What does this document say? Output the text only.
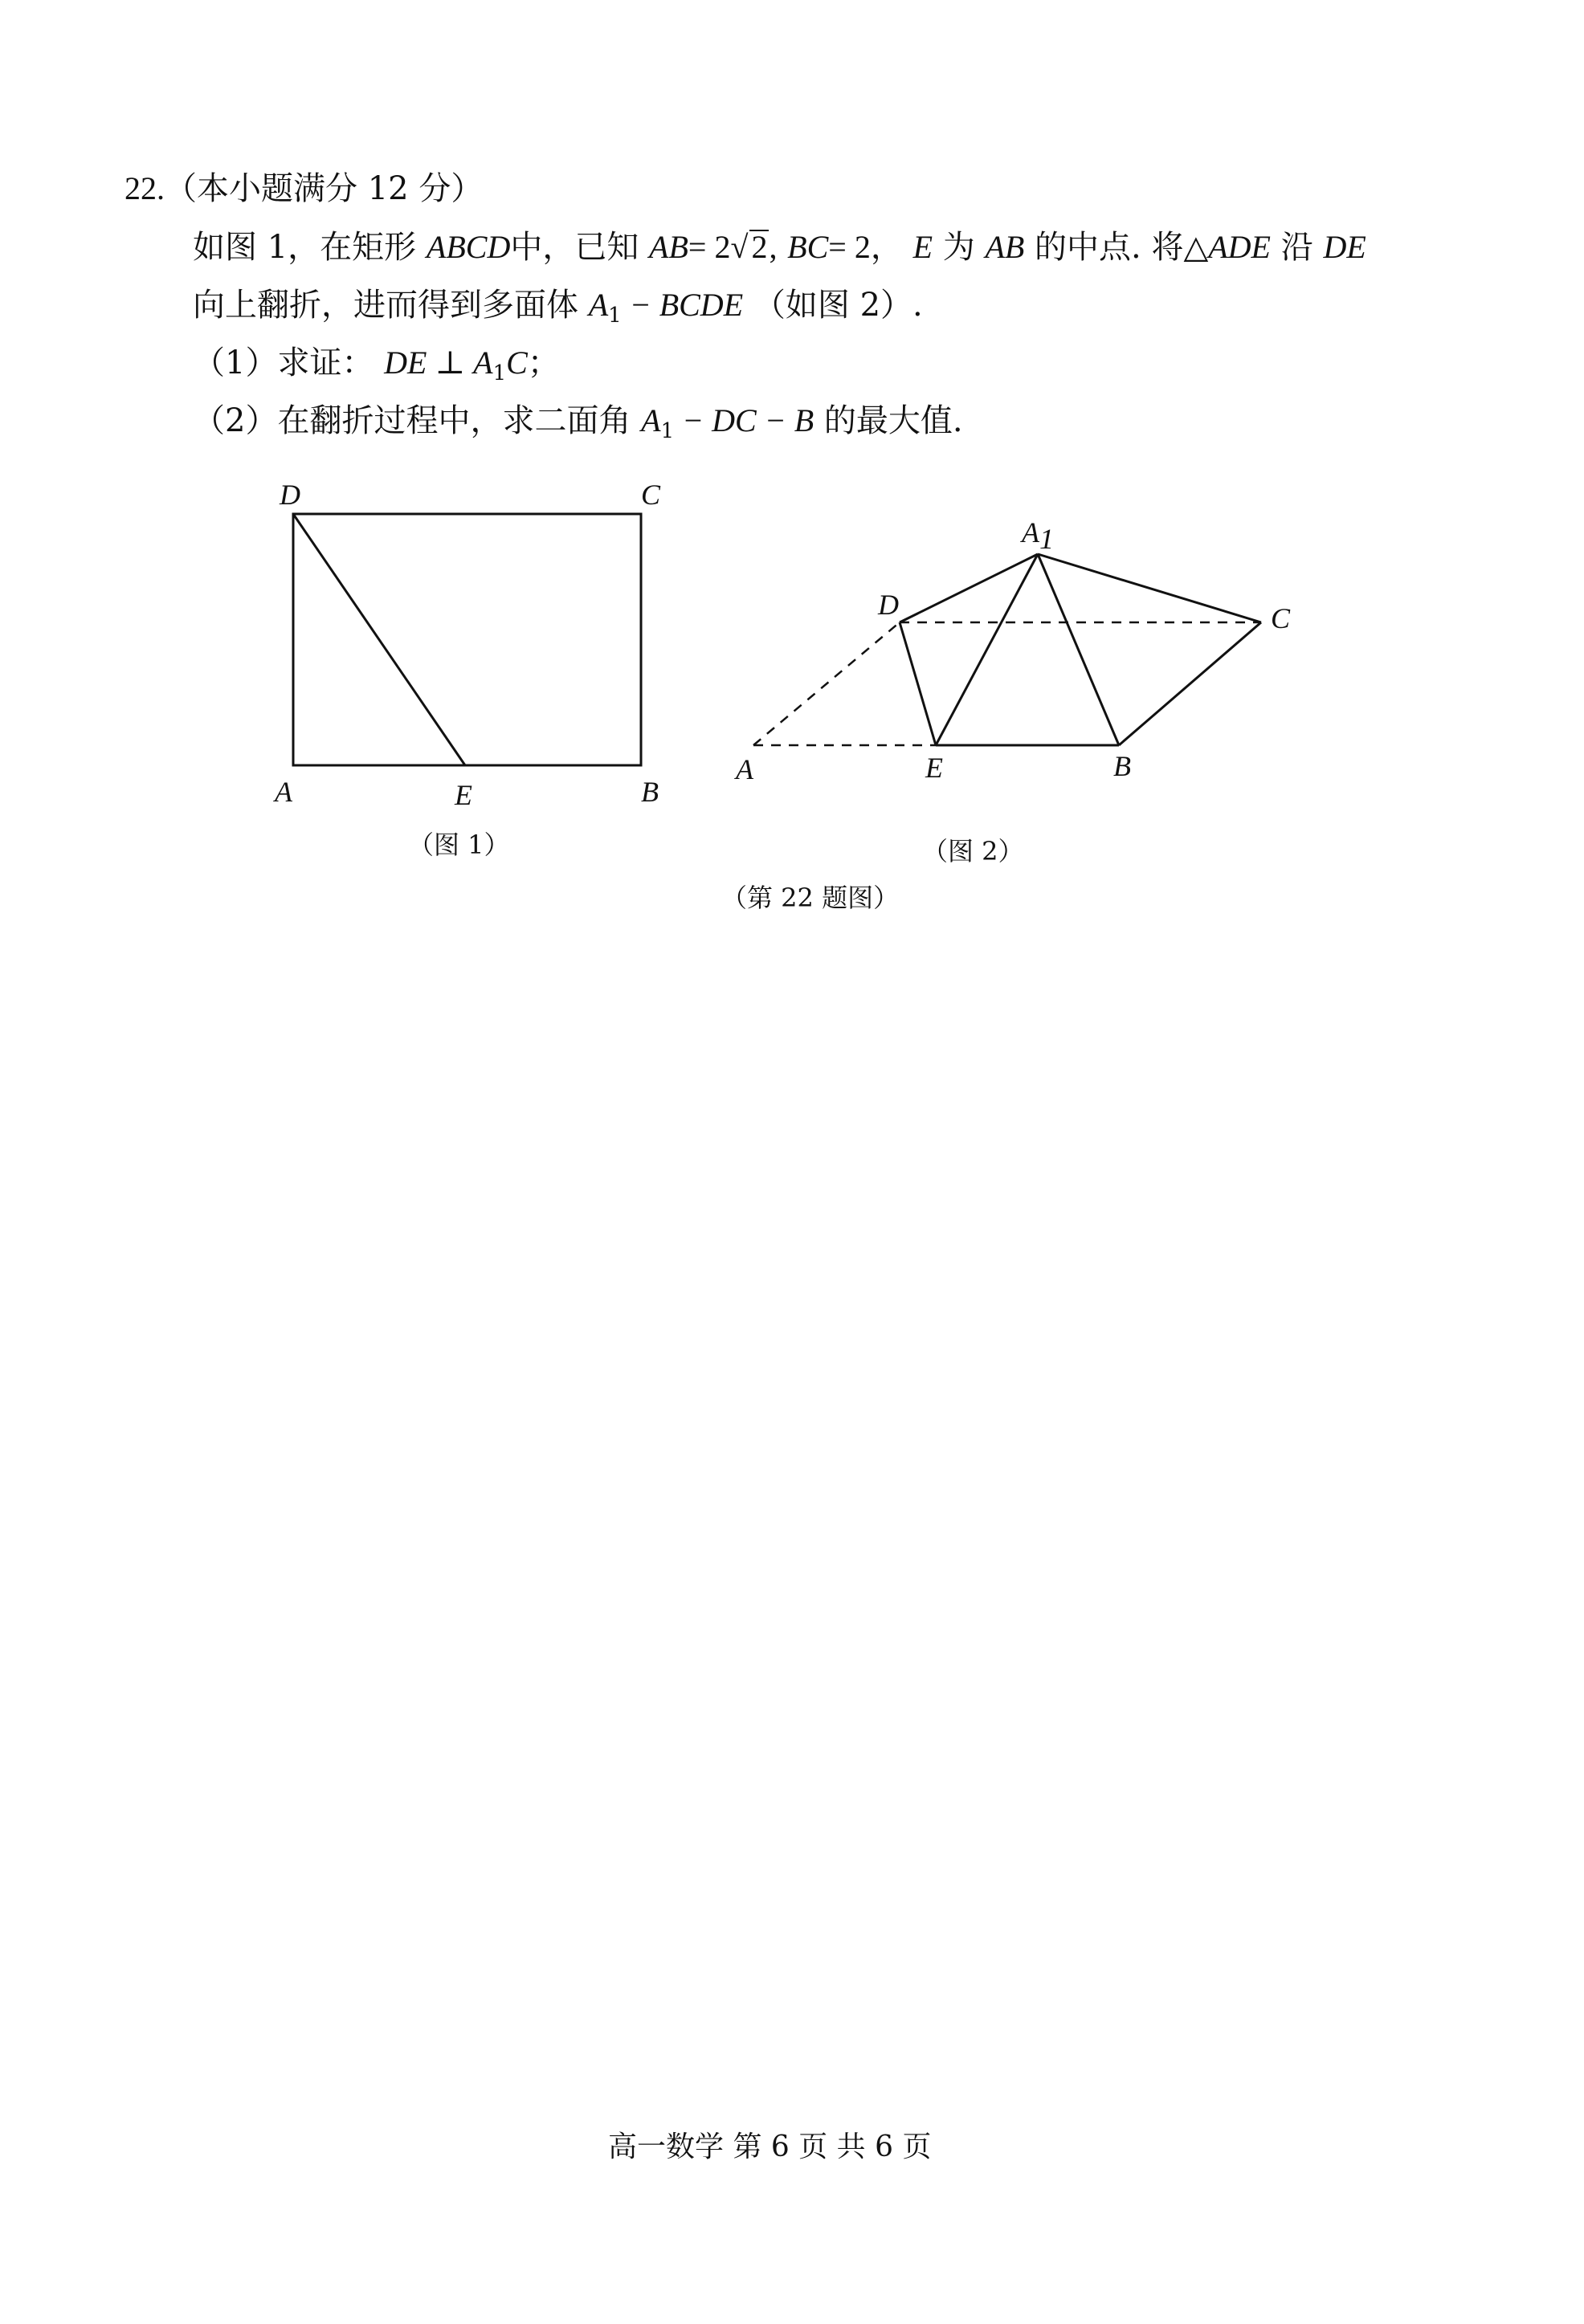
22.（本小题满分 12 分）
如图 1，在矩形 ABCD中，已知 AB= 2√ 2, BC= 2， E 为 AB 的中点. 将△ADE 沿 DE
向上翻折，进而得到多面体 $A_1$ − BCDE （如图 2）.
（1）求证： DE ⊥ $A_1C$；
（2）在翻折过程中，求二面角 $A_1$ − DC − B 的最大值.
D	C
A	E	B
（图 1）
A1
D	C
A	E	B
（图 2）
（第 22 题图）
高一数学 第 6 页 共 6 页
